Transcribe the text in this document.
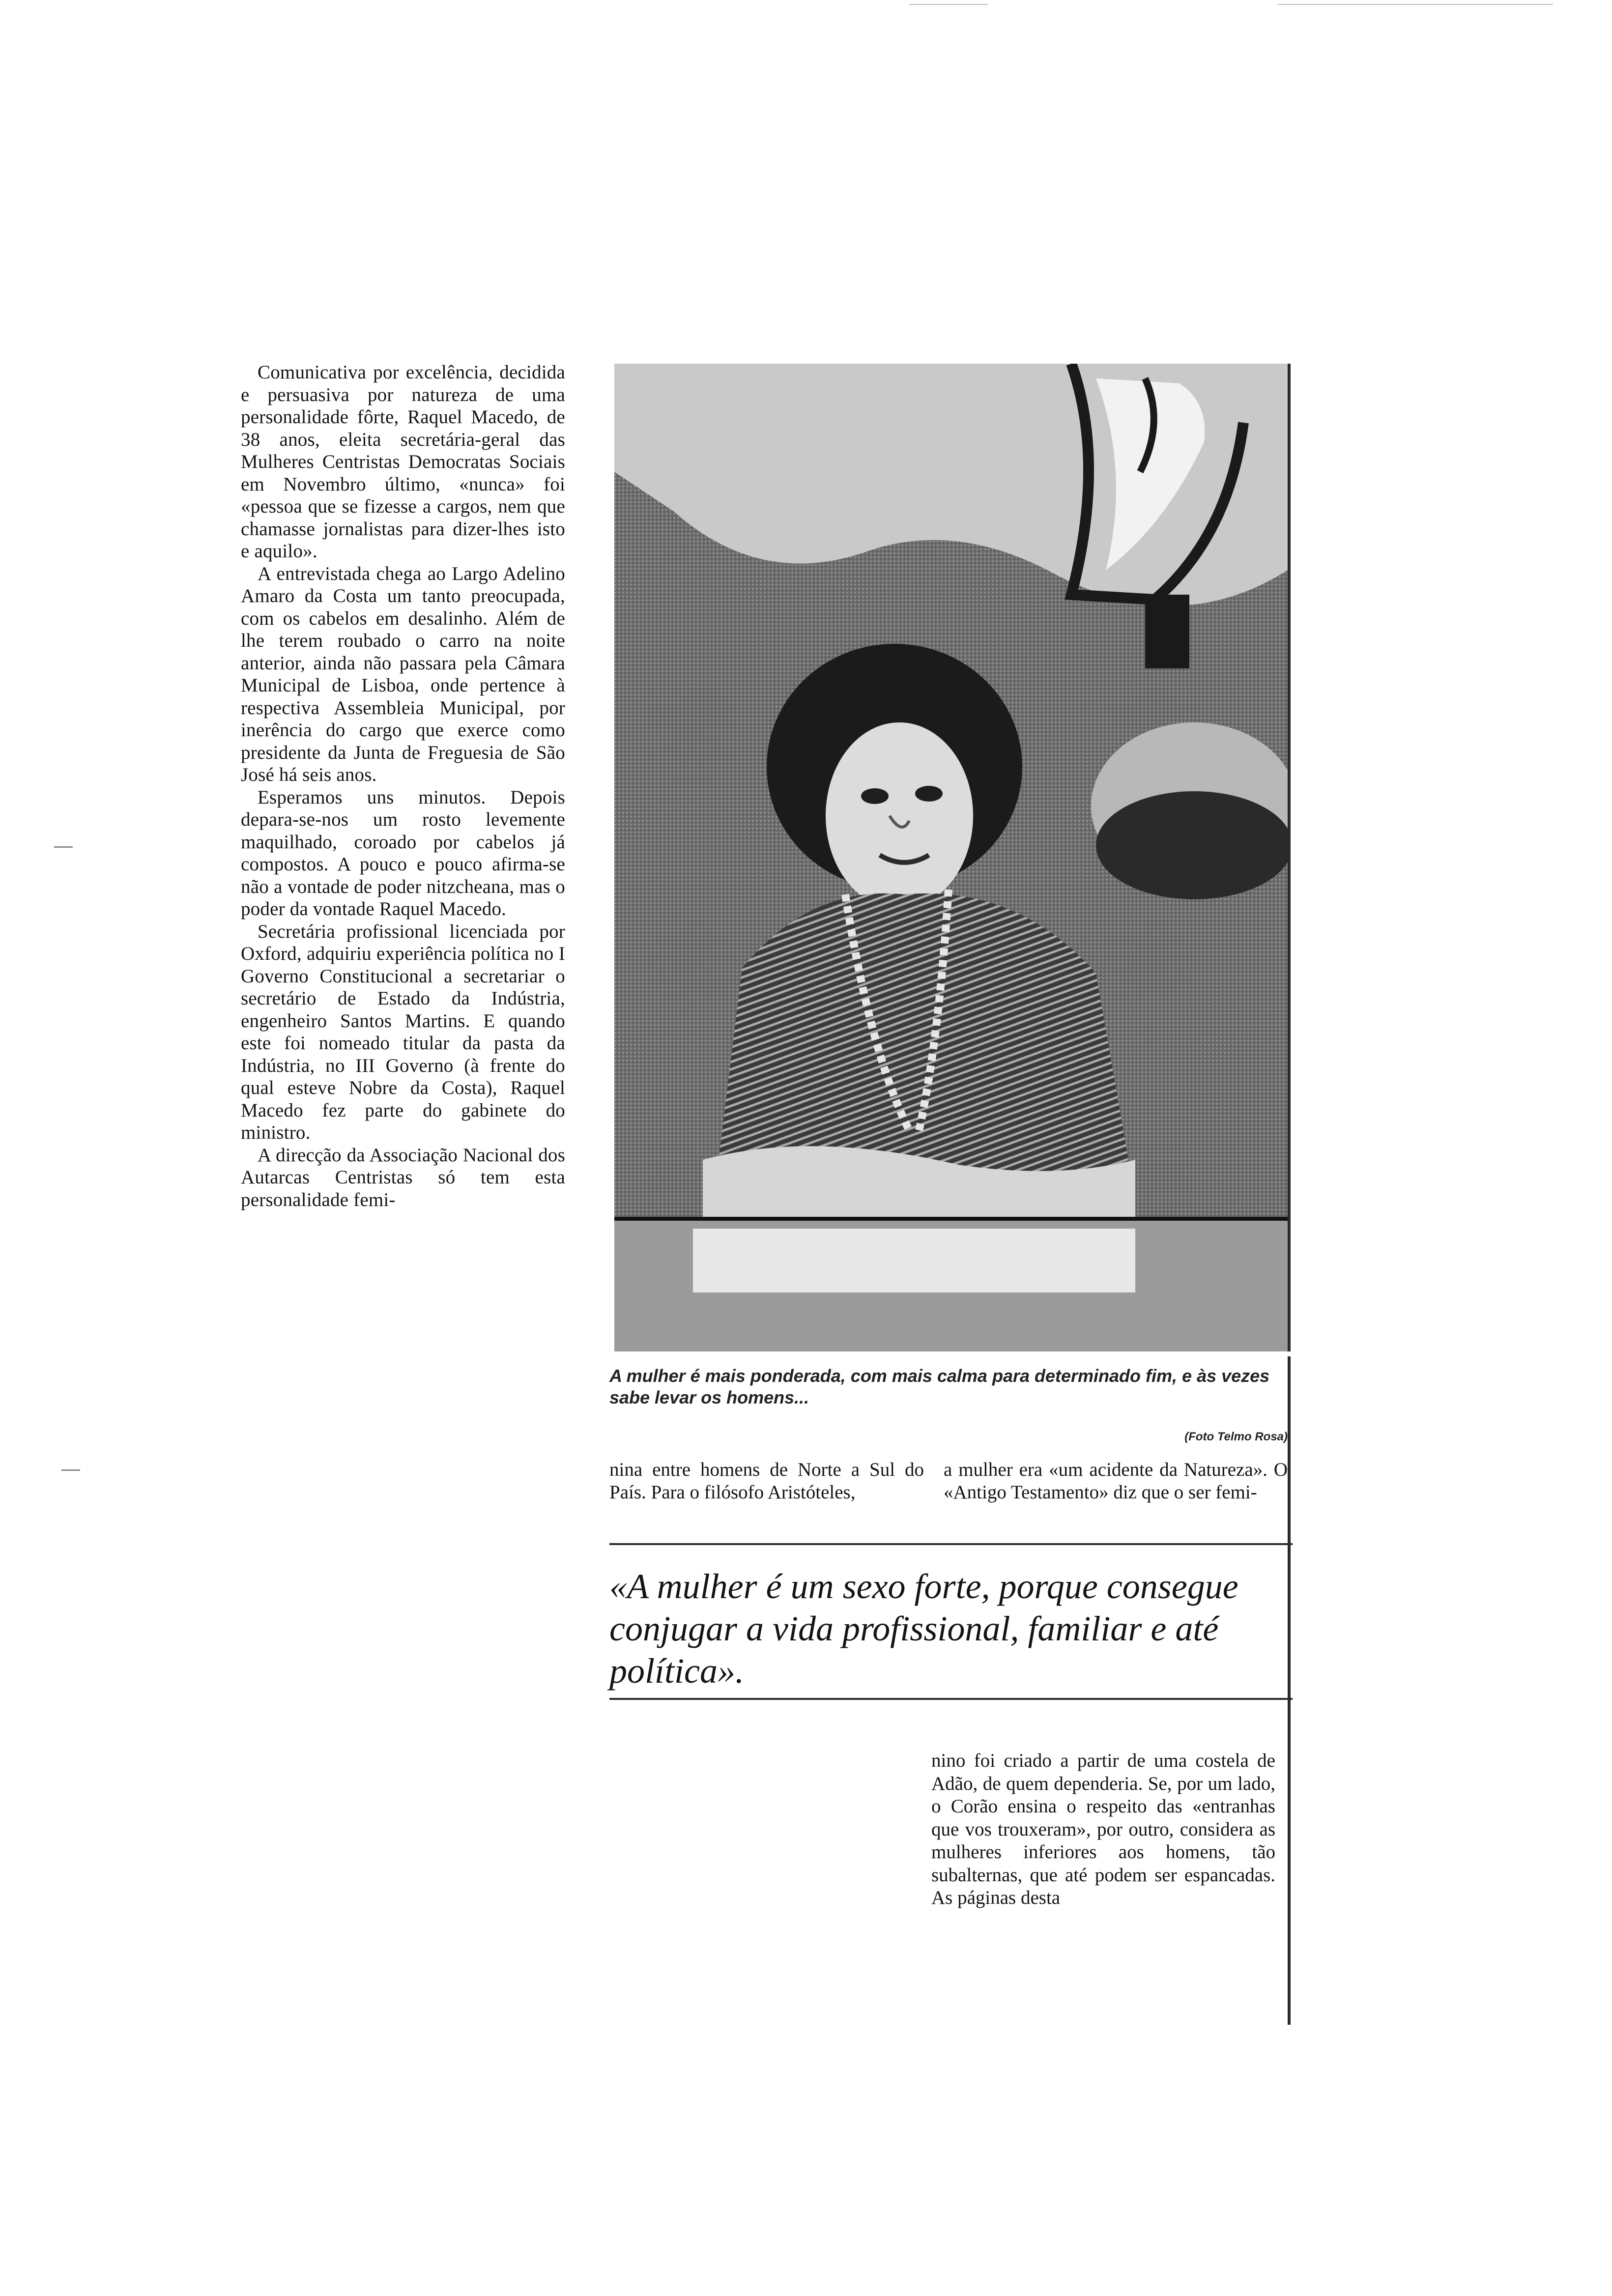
Comunicativa por excelência, decidida e persuasiva por natureza de uma personalidade fôrte, Raquel Macedo, de 38 anos, eleita secretária-geral das Mulheres Centristas Democratas Sociais em Novembro último, «nunca» foi «pessoa que se fizesse a cargos, nem que chamasse jornalistas para dizer-lhes isto e aquilo».

A entrevistada chega ao Largo Adelino Amaro da Costa um tanto preocupada, com os cabelos em desalinho. Além de lhe terem roubado o carro na noite anterior, ainda não passara pela Câmara Municipal de Lisboa, onde pertence à respectiva Assembleia Municipal, por inerência do cargo que exerce como presidente da Junta de Freguesia de São José há seis anos.

Esperamos uns minutos. Depois depara-se-nos um rosto levemente maquilhado, coroado por cabelos já compostos. A pouco e pouco afirma-se não a vontade de poder nitzcheana, mas o poder da vontade Raquel Macedo.

Secretária profissional licenciada por Oxford, adquiriu experiência política no I Governo Constitucional a secretariar o secretário de Estado da Indústria, engenheiro Santos Martins. E quando este foi nomeado titular da pasta da Indústria, no III Governo (à frente do qual esteve Nobre da Costa), Raquel Macedo fez parte do gabinete do ministro.

A direcção da Associação Nacional dos Autarcas Centristas só tem esta personalidade femi-

A mulher é mais ponderada, com mais calma para determinado fim, e às vezes sabe levar os homens...
(Foto Telmo Rosa)

nina entre homens de Norte a Sul do País. Para o filósofo Aristóteles,

a mulher era «um acidente da Natureza». O «Antigo Testamento» diz que o ser femi-

«A mulher é um sexo forte, porque consegue conjugar a vida profissional, familiar e até política».

nino foi criado a partir de uma costela de Adão, de quem dependeria. Se, por um lado, o Corão ensina o respeito das «entranhas que vos trouxeram», por outro, considera as mulheres inferiores aos homens, tão subalternas, que até podem ser espancadas. As páginas desta
